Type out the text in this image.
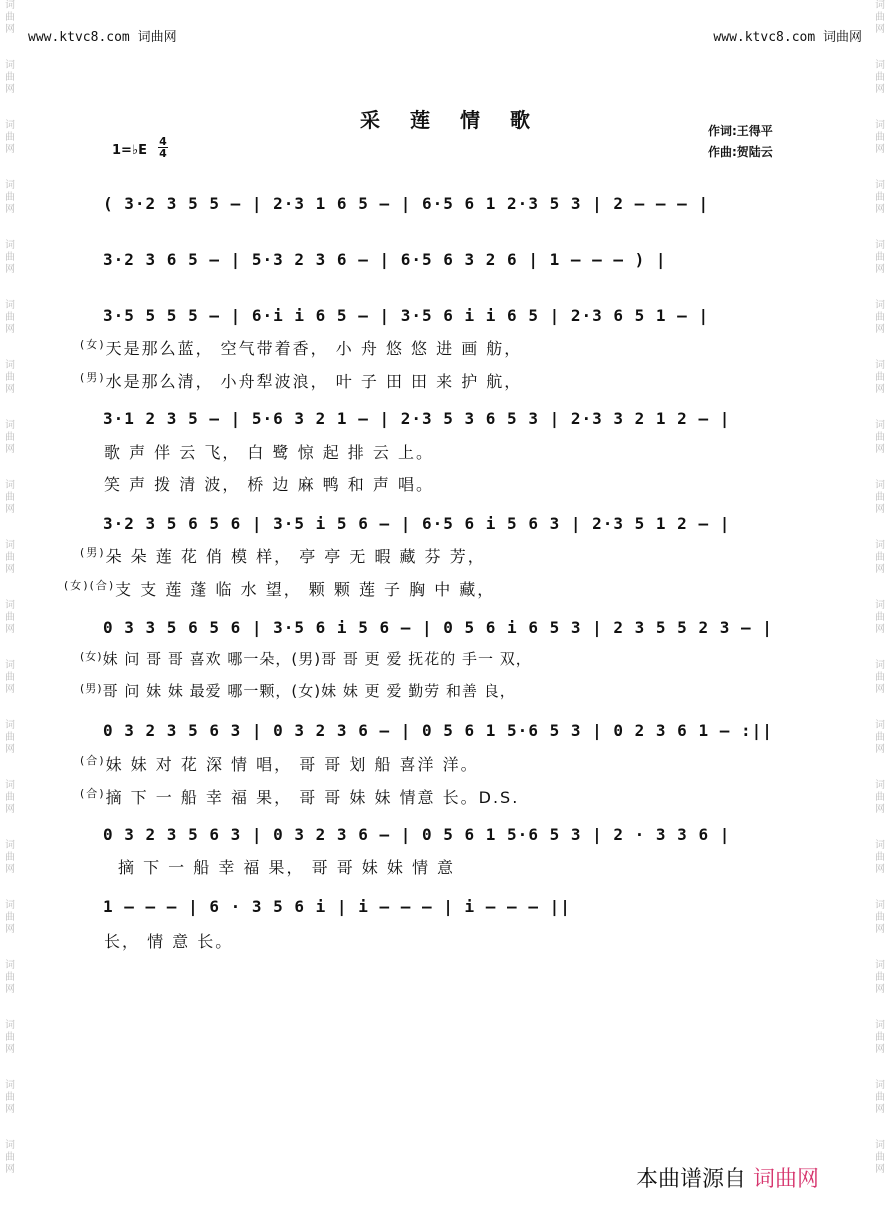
词曲网
词曲网
词曲网
词曲网
词曲网
词曲网
词曲网
词曲网
词曲网
词曲网
词曲网
词曲网
词曲网
词曲网
词曲网
词曲网
词曲网
词曲网
词曲网
词曲网
词曲网
词曲网
词曲网
词曲网
词曲网
词曲网
词曲网
词曲网
词曲网
词曲网
词曲网
词曲网
词曲网
词曲网
词曲网
词曲网
词曲网
词曲网
词曲网
词曲网
www.ktvc8.com 词曲网	www.ktvc8.com 词曲网
采莲情歌	作词:王得平
作曲:贺陆云
1=♭E
4
4
( 3·2 3 5 5 — | 2·3 1 6 5 — | 6·5 6 1 2·3 5 3 | 2 — — — |
3·2 3 6 5 — | 5·3 2 3 6 — | 6·5 6 3 2 6 | 1 — — — ) |
3·5 5 5 5 — | 6·i i 6 5 — | 3·5 6 i i 6 5 | 2·3 6 5 1 — |
$^{(女)}$天是那么蓝， 空气带着香， 小 舟 悠 悠 进 画 舫，
$^{(男)}$水是那么清， 小舟犁波浪， 叶 子 田 田 来 护 航，
3·1 2 3 5 — | 5·6 3 2 1 — | 2·3 5 3 6 5 3 | 2·3 3 2 1 2 — |
歌 声 伴 云 飞， 白 鹭 惊 起 排 云 上。
笑 声 拨 清 波， 桥 边 麻 鸭 和 声 唱。
3·2 3 5 6 5 6 | 3·5 i 5 6 — | 6·5 6 i 5 6 3 | 2·3 5 1 2 — |
$^{(男)}$朵 朵 莲 花 俏 模 样， 亭 亭 无 暇 藏 芬 芳，
$^{(女)(合)}$支 支 莲 蓬 临 水 望， 颗 颗 莲 子 胸 中 藏，
0 3 3 5 6 5 6 | 3·5 6 i 5 6 — | 0 5 6 i 6 5 3 | 2 3 5 5 2 3 — |
$^{(女)}$妹 问 哥 哥 喜欢 哪一朵，(男)哥 哥 更 爱 抚花的 手一 双，
$^{(男)}$哥 问 妹 妹 最爱 哪一颗，(女)妹 妹 更 爱 勤劳 和善 良，
0 3 2 3 5 6 3 | 0 3 2 3 6 — | 0 5 6 1 5·6 5 3 | 0 2 3 6 1 — :||
$^{(合)}$妹 妹 对 花 深 情 唱， 哥 哥 划 船 喜洋 洋。
$^{(合)}$摘 下 一 船 幸 福 果， 哥 哥 妹 妹 情意 长。D.S.
0 3 2 3 5 6 3 | 0 3 2 3 6 — | 0 5 6 1 5·6 5 3 | 2 · 3 3 6 |
摘 下 一 船 幸 福 果， 哥 哥 妹 妹 情 意
1 — — — | 6 · 3 5 6 i | i — — — | i — — — ||
长， 情 意 长。
本曲谱源自 词曲网
